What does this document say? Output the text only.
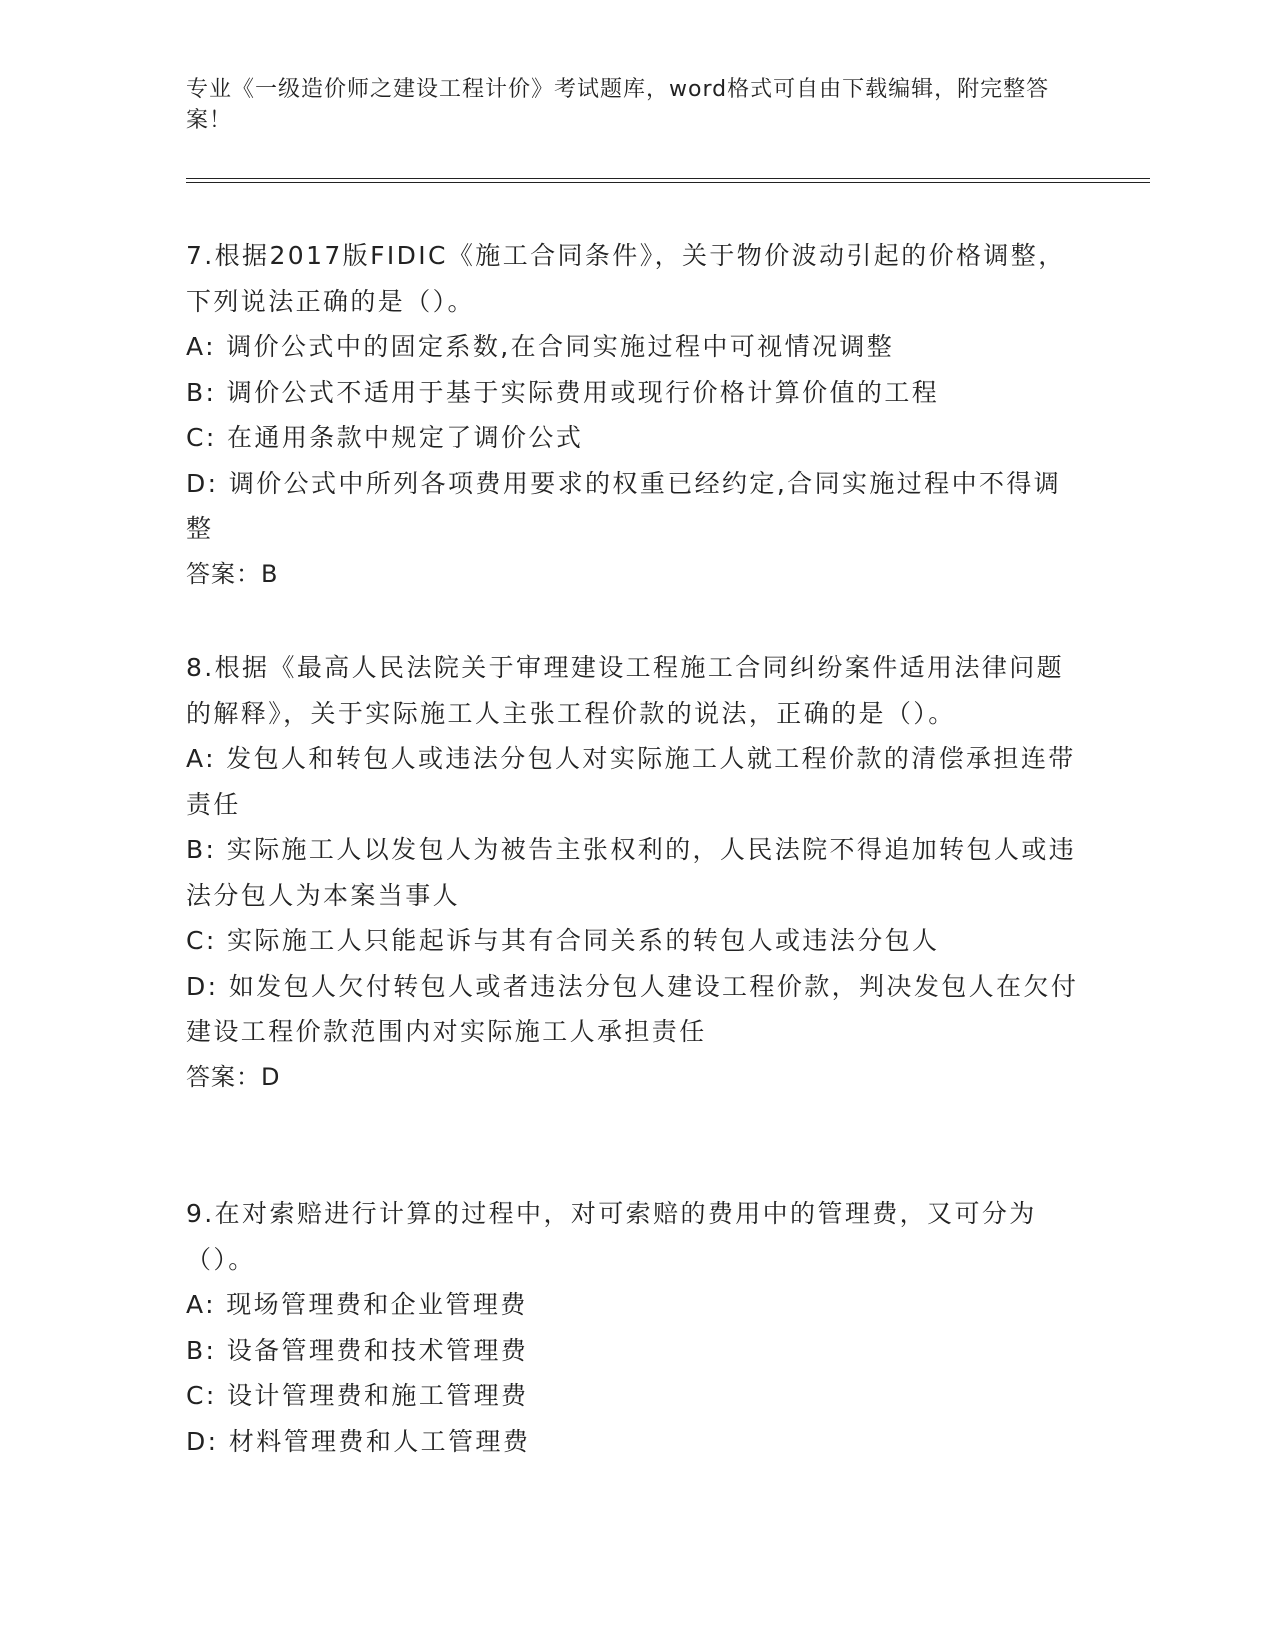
专业《一级造价师之建设工程计价》考试题库，word格式可自由下载编辑，附完整答案！

7.根据2017版FIDIC《施工合同条件》，关于物价波动引起的价格调整，下列说法正确的是（）。

A: 调价公式中的固定系数,在合同实施过程中可视情况调整

B: 调价公式不适用于基于实际费用或现行价格计算价值的工程

C: 在通用条款中规定了调价公式

D: 调价公式中所列各项费用要求的权重已经约定,合同实施过程中不得调整

答案：B

8.根据《最高人民法院关于审理建设工程施工合同纠纷案件适用法律问题的解释》，关于实际施工人主张工程价款的说法，正确的是（）。

A: 发包人和转包人或违法分包人对实际施工人就工程价款的清偿承担连带责任

B: 实际施工人以发包人为被告主张权利的，人民法院不得追加转包人或违法分包人为本案当事人

C: 实际施工人只能起诉与其有合同关系的转包人或违法分包人

D: 如发包人欠付转包人或者违法分包人建设工程价款，判决发包人在欠付建设工程价款范围内对实际施工人承担责任

答案：D

9.在对索赔进行计算的过程中，对可索赔的费用中的管理费，又可分为（）。

A: 现场管理费和企业管理费

B: 设备管理费和技术管理费

C: 设计管理费和施工管理费

D: 材料管理费和人工管理费
